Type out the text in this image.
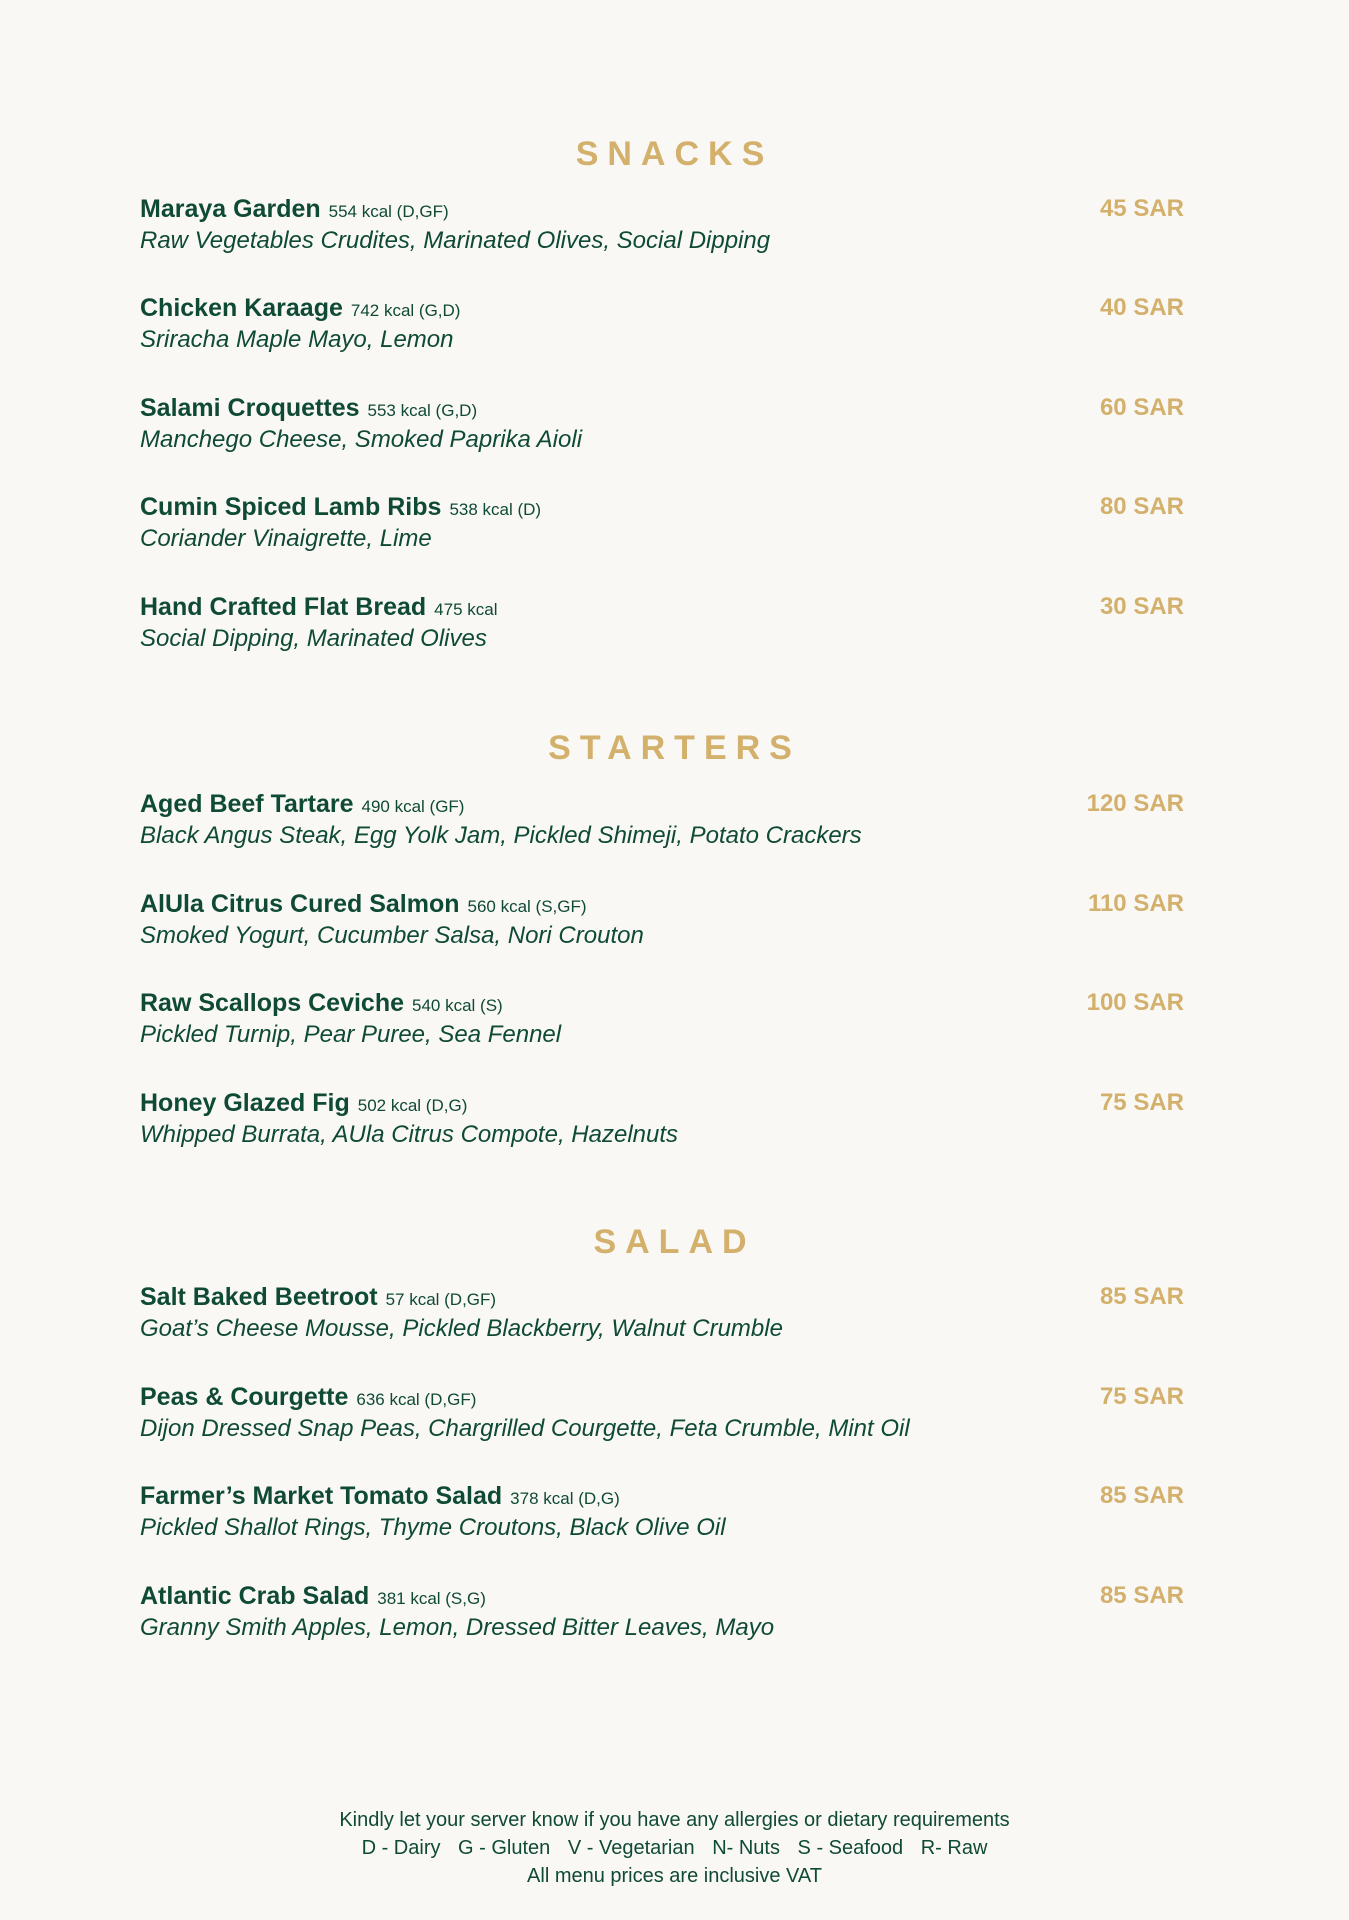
SNACKS
Maraya Garden 554 kcal (D,GF)
Raw Vegetables Crudites, Marinated Olives, Social Dipping
45 SAR
Chicken Karaage 742 kcal (G,D)
Sriracha Maple Mayo, Lemon
40 SAR
Salami Croquettes 553 kcal (G,D)
Manchego Cheese, Smoked Paprika Aioli
60 SAR
Cumin Spiced Lamb Ribs 538 kcal (D)
Coriander Vinaigrette, Lime
80 SAR
Hand Crafted Flat Bread 475 kcal
Social Dipping, Marinated Olives
30 SAR
STARTERS
Aged Beef Tartare 490 kcal (GF)
Black Angus Steak, Egg Yolk Jam, Pickled Shimeji, Potato Crackers
120 SAR
AlUla Citrus Cured Salmon 560 kcal (S,GF)
Smoked Yogurt, Cucumber Salsa, Nori Crouton
110 SAR
Raw Scallops Ceviche 540 kcal (S)
Pickled Turnip, Pear Puree, Sea Fennel
100 SAR
Honey Glazed Fig 502 kcal (D,G)
Whipped Burrata, AUla Citrus Compote, Hazelnuts
75 SAR
SALAD
Salt Baked Beetroot 57 kcal (D,GF)
Goat’s Cheese Mousse, Pickled Blackberry, Walnut Crumble
85 SAR
Peas & Courgette 636 kcal (D,GF)
Dijon Dressed Snap Peas, Chargrilled Courgette, Feta Crumble, Mint Oil
75 SAR
Farmer’s Market Tomato Salad 378 kcal (D,G)
Pickled Shallot Rings, Thyme Croutons, Black Olive Oil
85 SAR
Atlantic Crab Salad 381 kcal (S,G)
Granny Smith Apples, Lemon, Dressed Bitter Leaves, Mayo
85 SAR
Kindly let your server know if you have any allergies or dietary requirements
D - Dairy G - Gluten V - Vegetarian N- Nuts S - Seafood R- Raw
All menu prices are inclusive VAT
